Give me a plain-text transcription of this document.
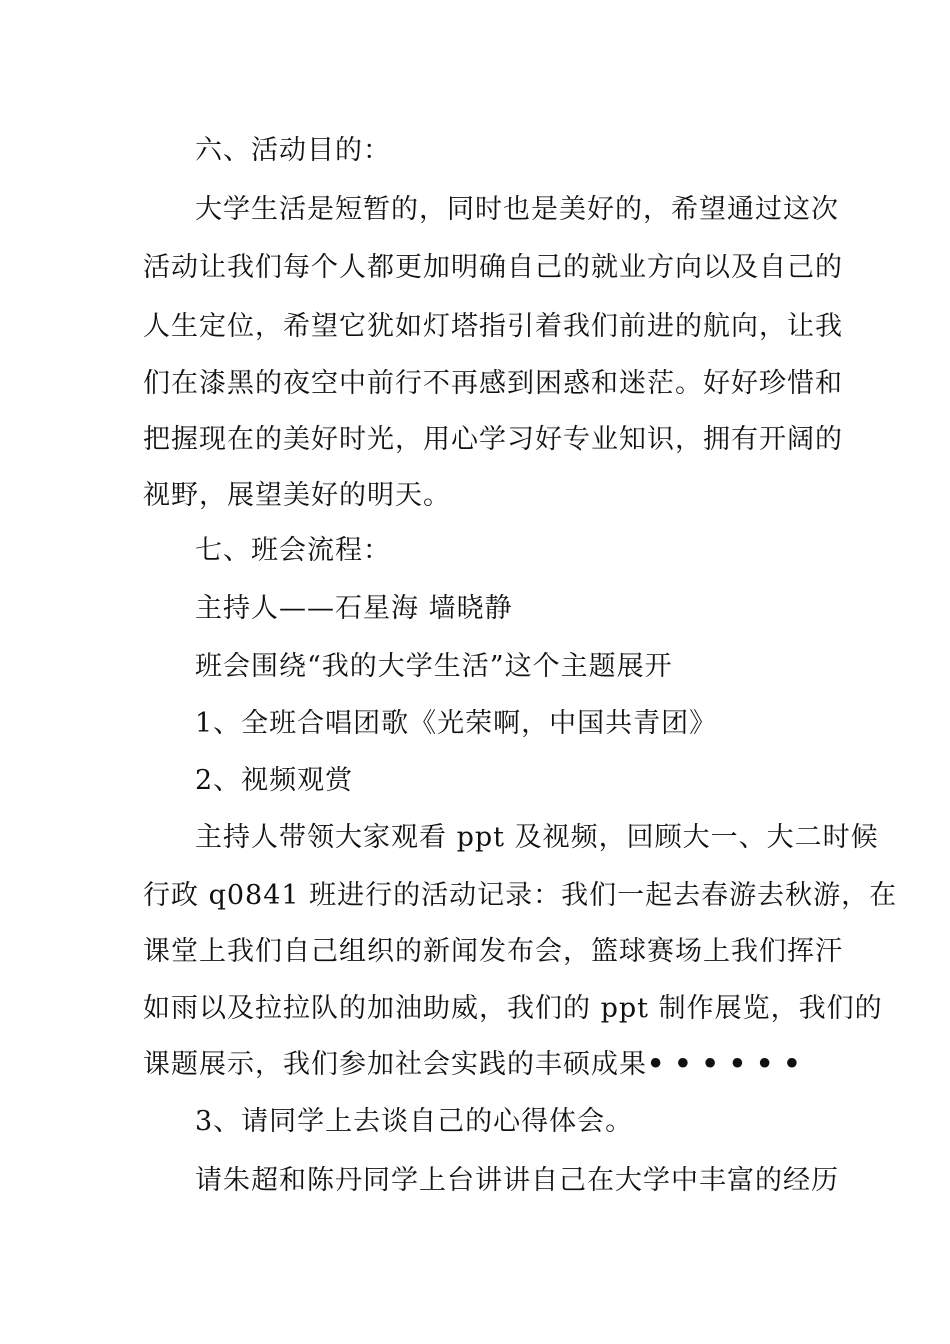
六、活动目的：
大学生活是短暂的，同时也是美好的，希望通过这次
活动让我们每个人都更加明确自己的就业方向以及自己的
人生定位，希望它犹如灯塔指引着我们前进的航向，让我
们在漆黑的夜空中前行不再感到困惑和迷茫。好好珍惜和
把握现在的美好时光，用心学习好专业知识，拥有开阔的
视野，展望美好的明天。
七、班会流程：
主持人——石星海 墙晓静
班会围绕“我的大学生活”这个主题展开
1、全班合唱团歌《光荣啊，中国共青团》
2、视频观赏
主持人带领大家观看 ppt 及视频，回顾大一、大二时候
行政 q0841 班进行的活动记录：我们一起去春游去秋游，在
课堂上我们自己组织的新闻发布会，篮球赛场上我们挥汗
如雨以及拉拉队的加油助威，我们的 ppt 制作展览，我们的
课题展示，我们参加社会实践的丰硕成果••••••
3、请同学上去谈自己的心得体会。
请朱超和陈丹同学上台讲讲自己在大学中丰富的经历
